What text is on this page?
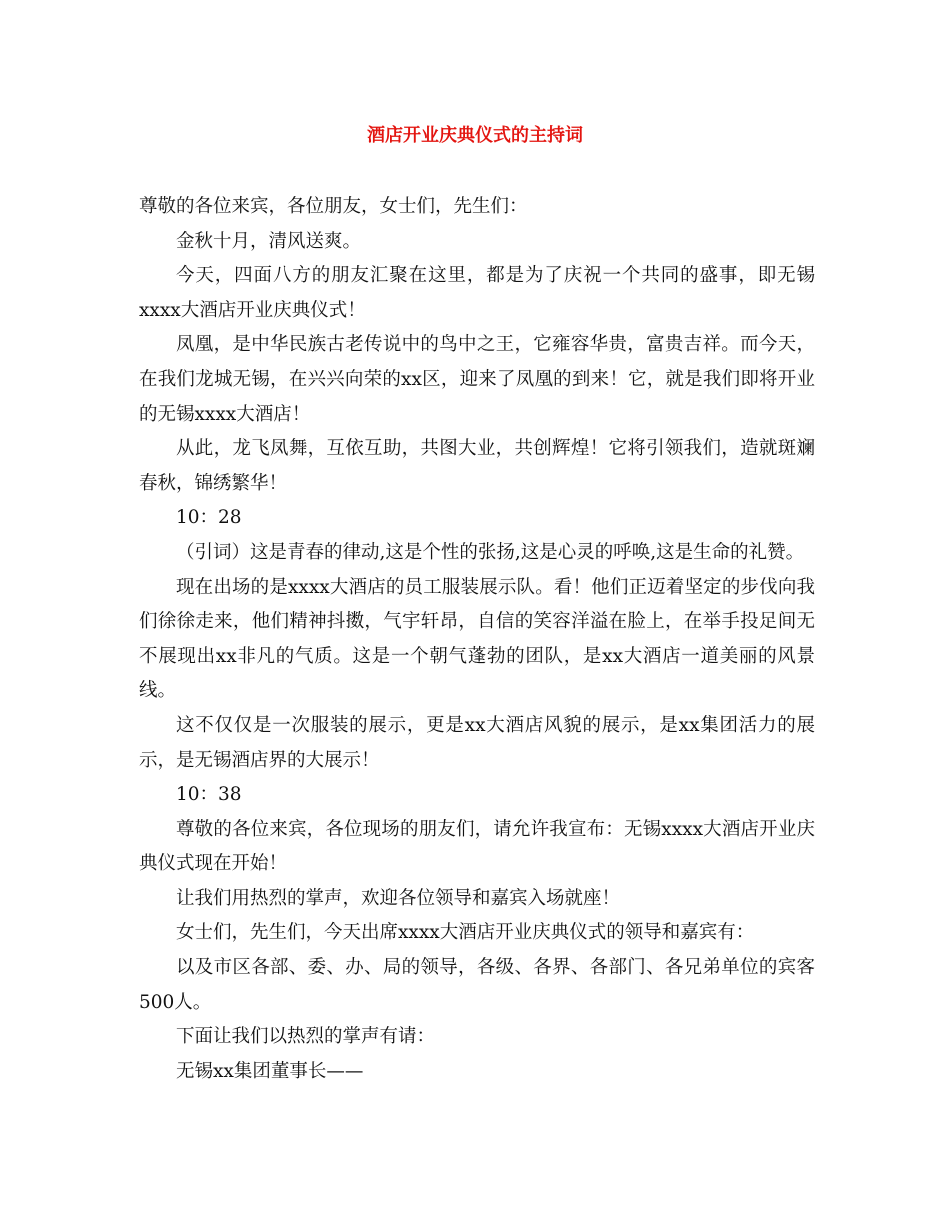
酒店开业庆典仪式的主持词

尊敬的各位来宾，各位朋友，女士们，先生们：

金秋十月，清风送爽。

今天，四面八方的朋友汇聚在这里，都是为了庆祝一个共同的盛事，即无锡xxxx大酒店开业庆典仪式！

凤凰，是中华民族古老传说中的鸟中之王，它雍容华贵，富贵吉祥。而今天，在我们龙城无锡，在兴兴向荣的xx区，迎来了凤凰的到来！它，就是我们即将开业的无锡xxxx大酒店！

从此，龙飞凤舞，互依互助，共图大业，共创辉煌！它将引领我们，造就斑斓春秋，锦绣繁华！

10：28

（引词）这是青春的律动,这是个性的张扬,这是心灵的呼唤,这是生命的礼赞。

现在出场的是xxxx大酒店的员工服装展示队。看！他们正迈着坚定的步伐向我们徐徐走来，他们精神抖擞，气宇轩昂，自信的笑容洋溢在脸上，在举手投足间无不展现出xx非凡的气质。这是一个朝气蓬勃的团队，是xx大酒店一道美丽的风景线。

这不仅仅是一次服装的展示，更是xx大酒店风貌的展示，是xx集团活力的展示，是无锡酒店界的大展示！

10：38

尊敬的各位来宾，各位现场的朋友们，请允许我宣布：无锡xxxx大酒店开业庆典仪式现在开始！

让我们用热烈的掌声，欢迎各位领导和嘉宾入场就座！

女士们，先生们，今天出席xxxx大酒店开业庆典仪式的领导和嘉宾有：

以及市区各部、委、办、局的领导，各级、各界、各部门、各兄弟单位的宾客500人。

下面让我们以热烈的掌声有请：

无锡xx集团董事长——
